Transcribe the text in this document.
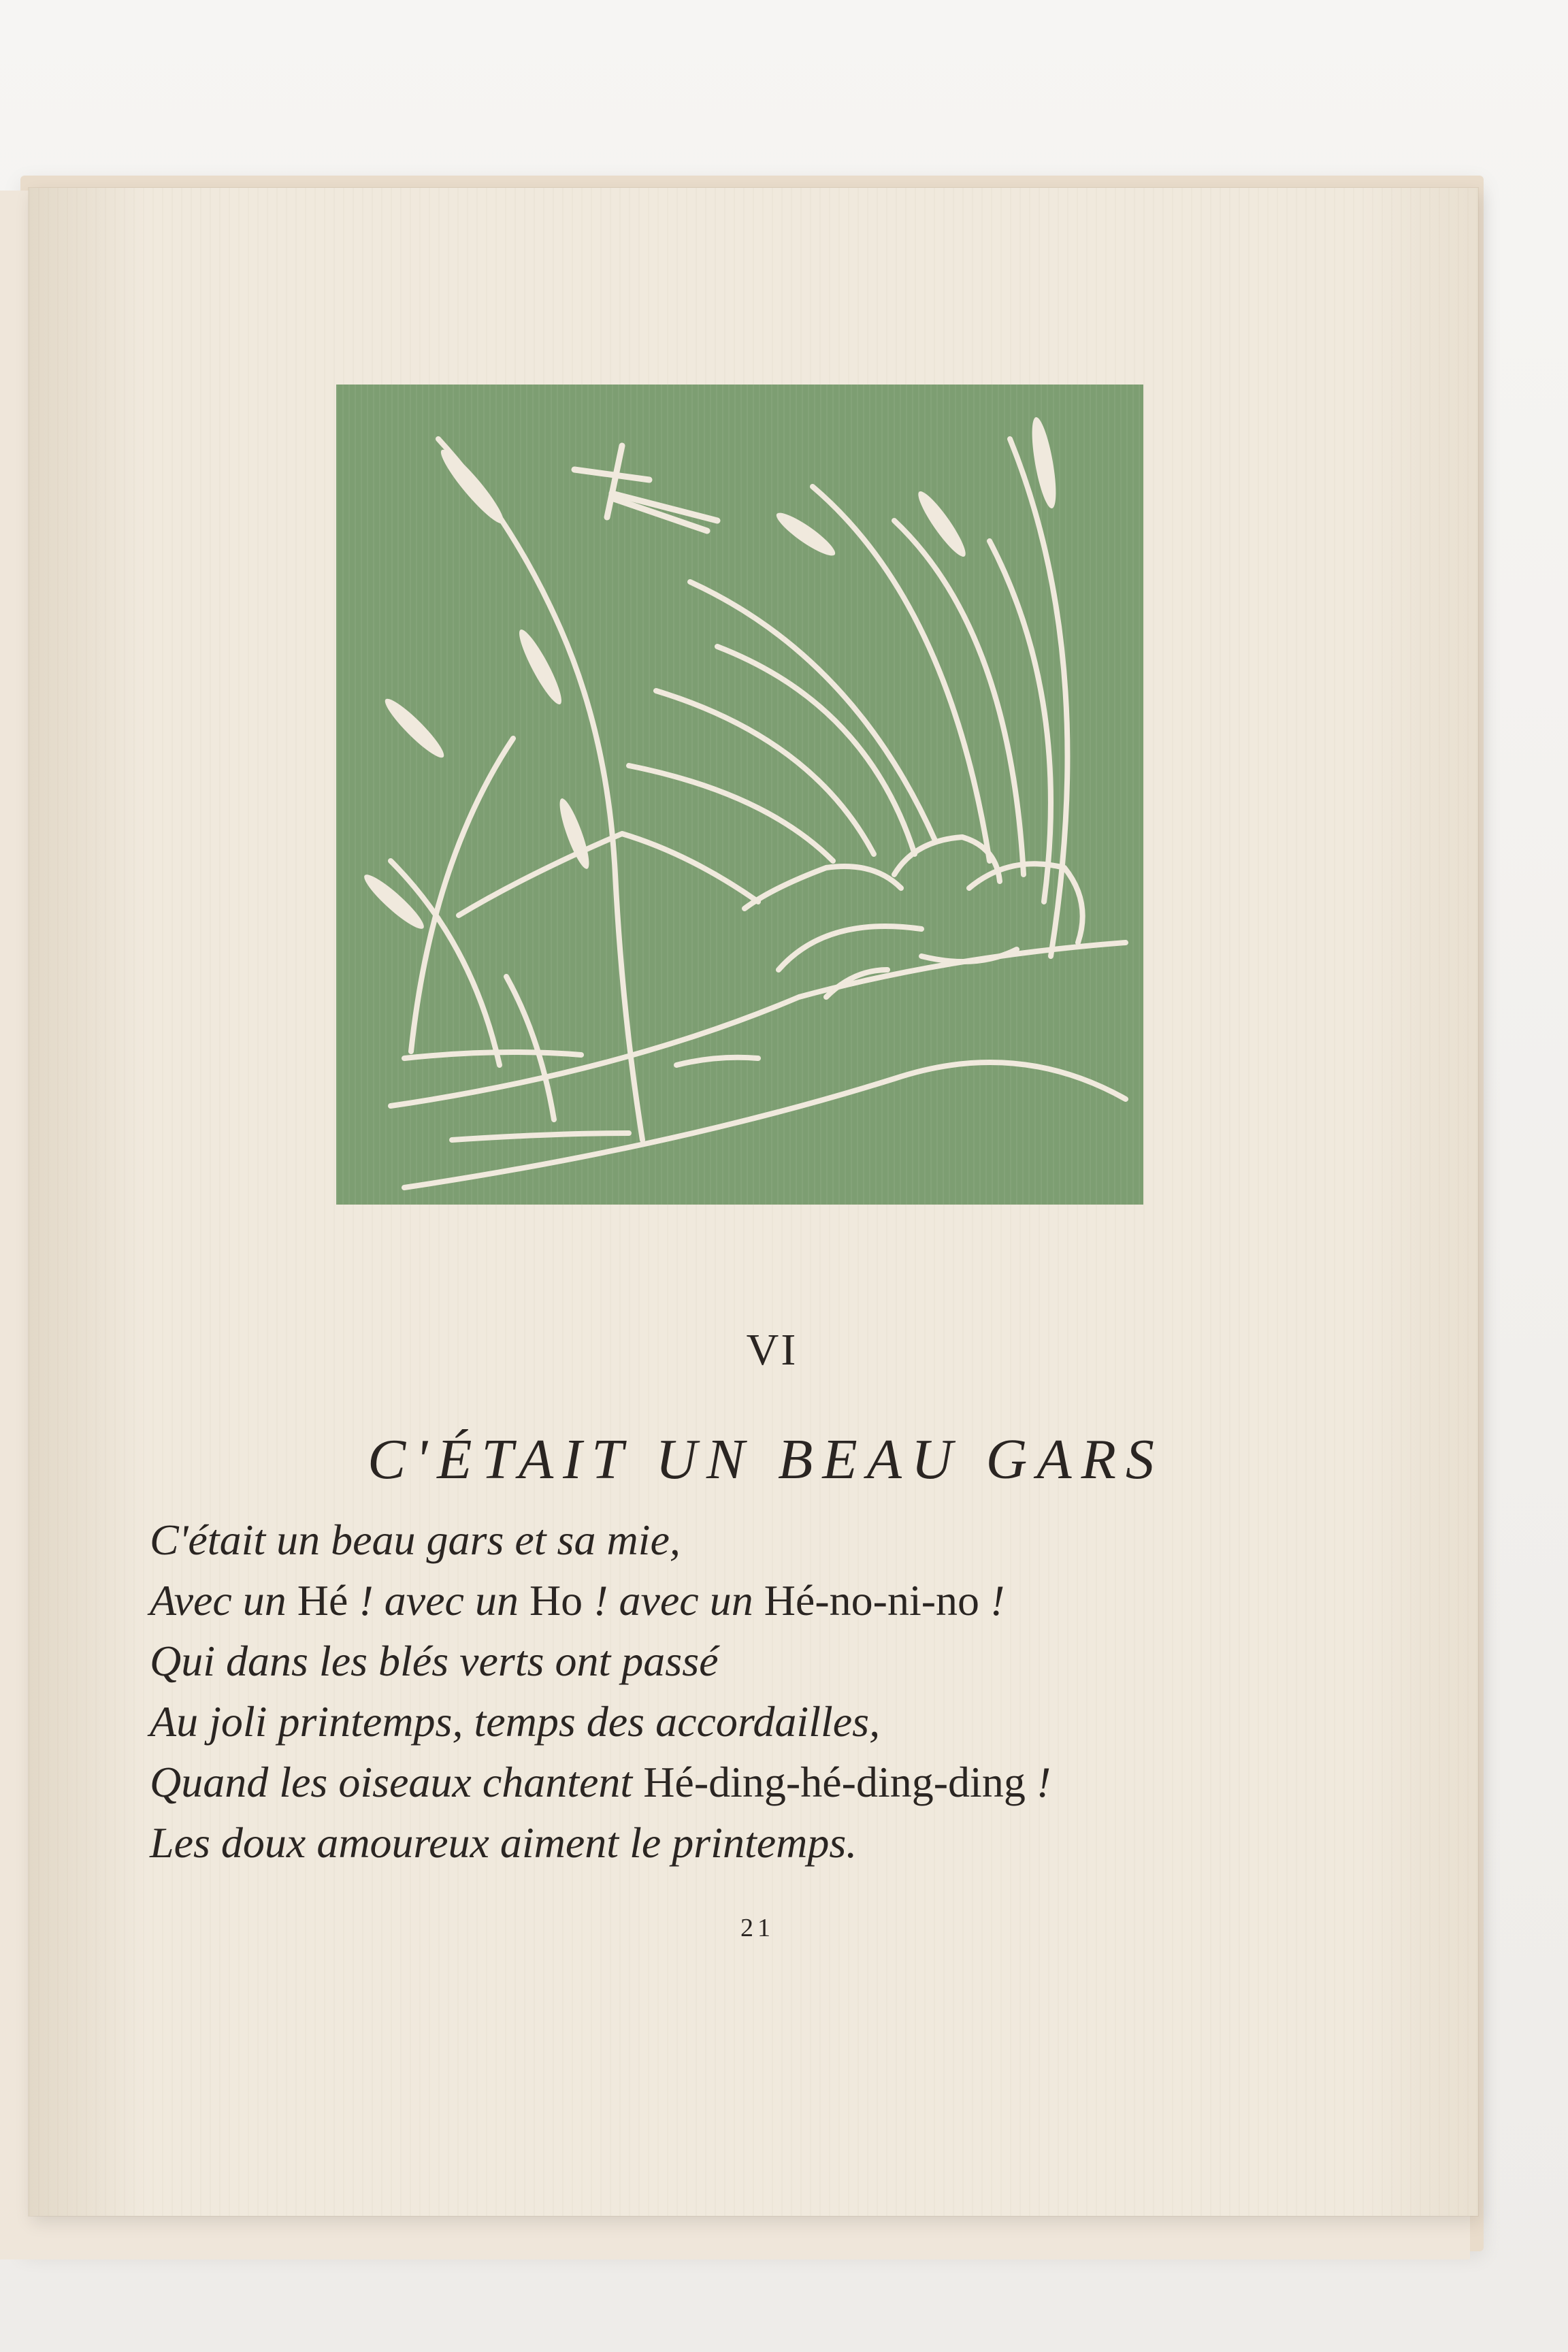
VI
C'ÉTAIT UN BEAU GARS
C'était un beau gars et sa mie,
Avec un Hé ! avec un Ho ! avec un Hé-no-ni-no !
Qui dans les blés verts ont passé
Au joli printemps, temps des accordailles,
Quand les oiseaux chantent Hé-ding-hé-ding-ding !
Les doux amoureux aiment le printemps.
21
